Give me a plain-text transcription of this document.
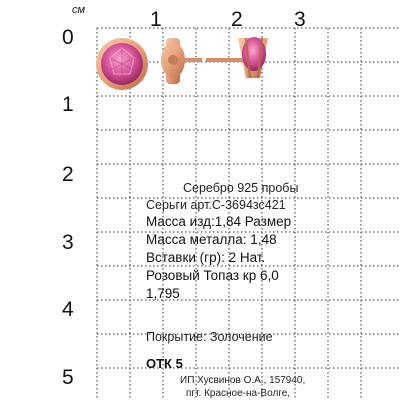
см	1	2 3
0
1
2
3
4
5
Серебро 925 пробы
Серьги арт.С-3694зс421
Масса изд:1,84 Размер
Масса металла: 1,48
Вставки (гр): 2 Нат.
Розовый Топаз кр 6,0
1,795
Покрытие: Золочение
ОТК 5
ИП Хусвинов О.А., 157940,
пгт. Красное-на-Волге,
